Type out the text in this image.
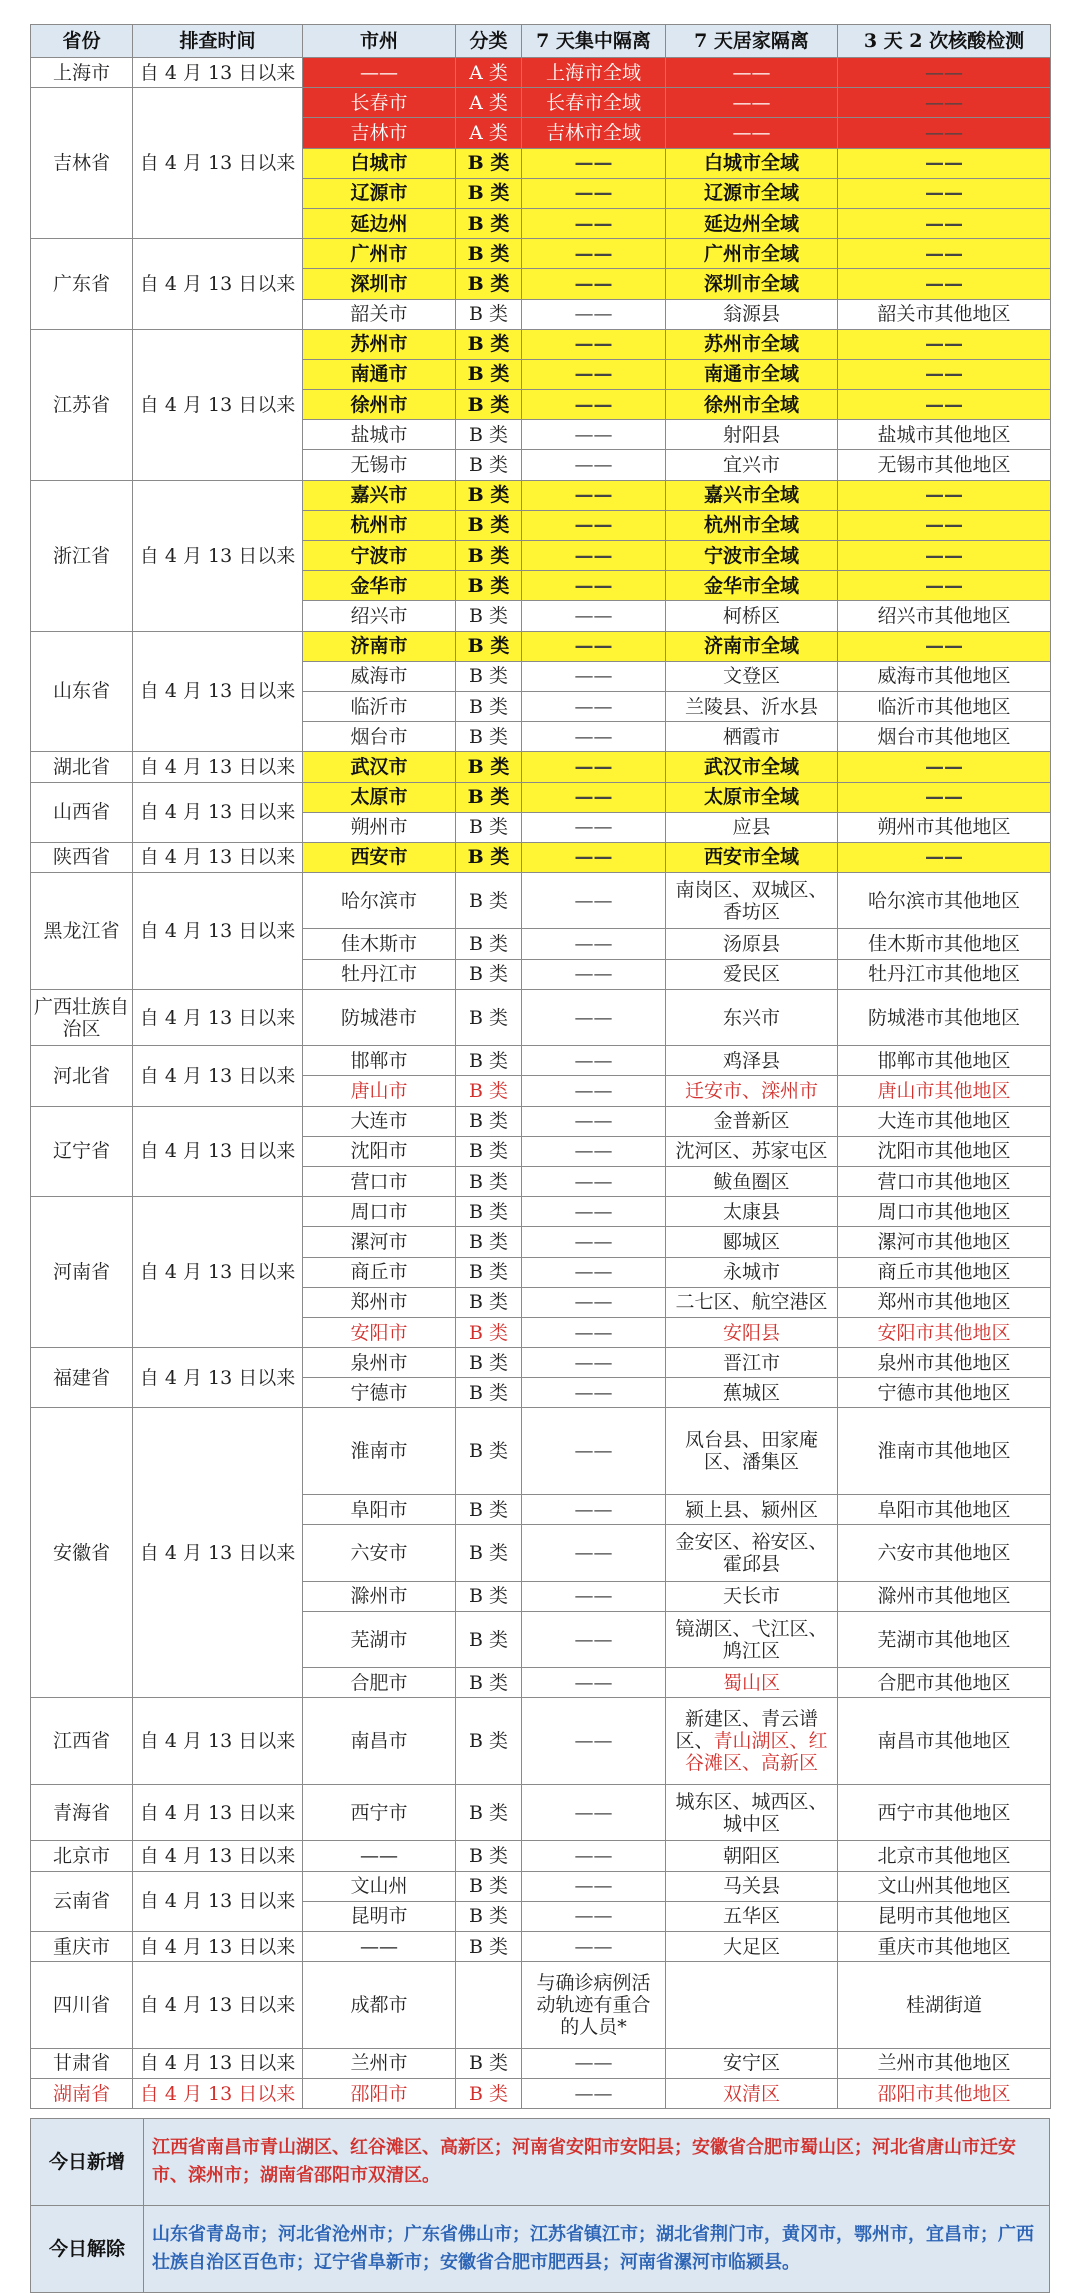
省份	排查时间	市州	分类	7 天集中隔离	7 天居家隔离	3 天 2 次核酸检测
上海市	自 4 月 13 日以来	——	A 类	上海市全域	——	——
吉林省	自 4 月 13 日以来	长春市	A 类	长春市全域	——	——
		吉林市	A 类	吉林市全域	——	——
		白城市	B 类	——	白城市全域	——
		辽源市	B 类	——	辽源市全域	——
		延边州	B 类	——	延边州全域	——
广东省	自 4 月 13 日以来	广州市	B 类	——	广州市全域	——
		深圳市	B 类	——	深圳市全域	——
		韶关市	B 类	——	翁源县	韶关市其他地区
江苏省	自 4 月 13 日以来	苏州市	B 类	——	苏州市全域	——
		南通市	B 类	——	南通市全域	——
		徐州市	B 类	——	徐州市全域	——
		盐城市	B 类	——	射阳县	盐城市其他地区
		无锡市	B 类	——	宜兴市	无锡市其他地区
浙江省	自 4 月 13 日以来	嘉兴市	B 类	——	嘉兴市全域	——
		杭州市	B 类	——	杭州市全域	——
		宁波市	B 类	——	宁波市全域	——
		金华市	B 类	——	金华市全域	——
		绍兴市	B 类	——	柯桥区	绍兴市其他地区
山东省	自 4 月 13 日以来	济南市	B 类	——	济南市全域	——
		威海市	B 类	——	文登区	威海市其他地区
		临沂市	B 类	——	兰陵县、沂水县	临沂市其他地区
		烟台市	B 类	——	栖霞市	烟台市其他地区
湖北省	自 4 月 13 日以来	武汉市	B 类	——	武汉市全域	——
山西省	自 4 月 13 日以来	太原市	B 类	——	太原市全域	——
		朔州市	B 类	——	应县	朔州市其他地区
陕西省	自 4 月 13 日以来	西安市	B 类	——	西安市全域	——
黑龙江省	自 4 月 13 日以来	哈尔滨市	B 类	——	南岗区、双城区、香坊区	哈尔滨市其他地区
		佳木斯市	B 类	——	汤原县	佳木斯市其他地区
		牡丹江市	B 类	——	爱民区	牡丹江市其他地区
广西壮族自治区	自 4 月 13 日以来	防城港市	B 类	——	东兴市	防城港市其他地区
河北省	自 4 月 13 日以来	邯郸市	B 类	——	鸡泽县	邯郸市其他地区
		唐山市	B 类	——	迁安市、滦州市	唐山市其他地区
辽宁省	自 4 月 13 日以来	大连市	B 类	——	金普新区	大连市其他地区
		沈阳市	B 类	——	沈河区、苏家屯区	沈阳市其他地区
		营口市	B 类	——	鲅鱼圈区	营口市其他地区
河南省	自 4 月 13 日以来	周口市	B 类	——	太康县	周口市其他地区
		漯河市	B 类	——	郾城区	漯河市其他地区
		商丘市	B 类	——	永城市	商丘市其他地区
		郑州市	B 类	——	二七区、航空港区	郑州市其他地区
		安阳市	B 类	——	安阳县	安阳市其他地区
福建省	自 4 月 13 日以来	泉州市	B 类	——	晋江市	泉州市其他地区
		宁德市	B 类	——	蕉城区	宁德市其他地区
安徽省	自 4 月 13 日以来	淮南市	B 类	——	凤台县、田家庵区、潘集区	淮南市其他地区
		阜阳市	B 类	——	颍上县、颍州区	阜阳市其他地区
		六安市	B 类	——	金安区、裕安区、霍邱县	六安市其他地区
		滁州市	B 类	——	天长市	滁州市其他地区
		芜湖市	B 类	——	镜湖区、弋江区、鸠江区	芜湖市其他地区
		合肥市	B 类	——	蜀山区	合肥市其他地区
江西省	自 4 月 13 日以来	南昌市	B 类	——	新建区、青云谱区、青山湖区、红谷滩区、高新区	南昌市其他地区
青海省	自 4 月 13 日以来	西宁市	B 类	——	城东区、城西区、城中区	西宁市其他地区
北京市	自 4 月 13 日以来	——	B 类	——	朝阳区	北京市其他地区
云南省	自 4 月 13 日以来	文山州	B 类	——	马关县	文山州其他地区
		昆明市	B 类	——	五华区	昆明市其他地区
重庆市	自 4 月 13 日以来	——	B 类	——	大足区	重庆市其他地区
四川省	自 4 月 13 日以来	成都市		与确诊病例活动轨迹有重合的人员*		桂湖街道
甘肃省	自 4 月 13 日以来	兰州市	B 类	——	安宁区	兰州市其他地区
湖南省	自 4 月 13 日以来	邵阳市	B 类	——	双清区	邵阳市其他地区
今日新增	江西省南昌市青山湖区、红谷滩区、高新区；河南省安阳市安阳县；安徽省合肥市蜀山区；河北省唐山市迁安市、滦州市；湖南省邵阳市双清区。
今日解除	山东省青岛市；河北省沧州市；广东省佛山市；江苏省镇江市；湖北省荆门市，黄冈市，鄂州市，宜昌市；广西壮族自治区百色市；辽宁省阜新市；安徽省合肥市肥西县；河南省漯河市临颍县。
